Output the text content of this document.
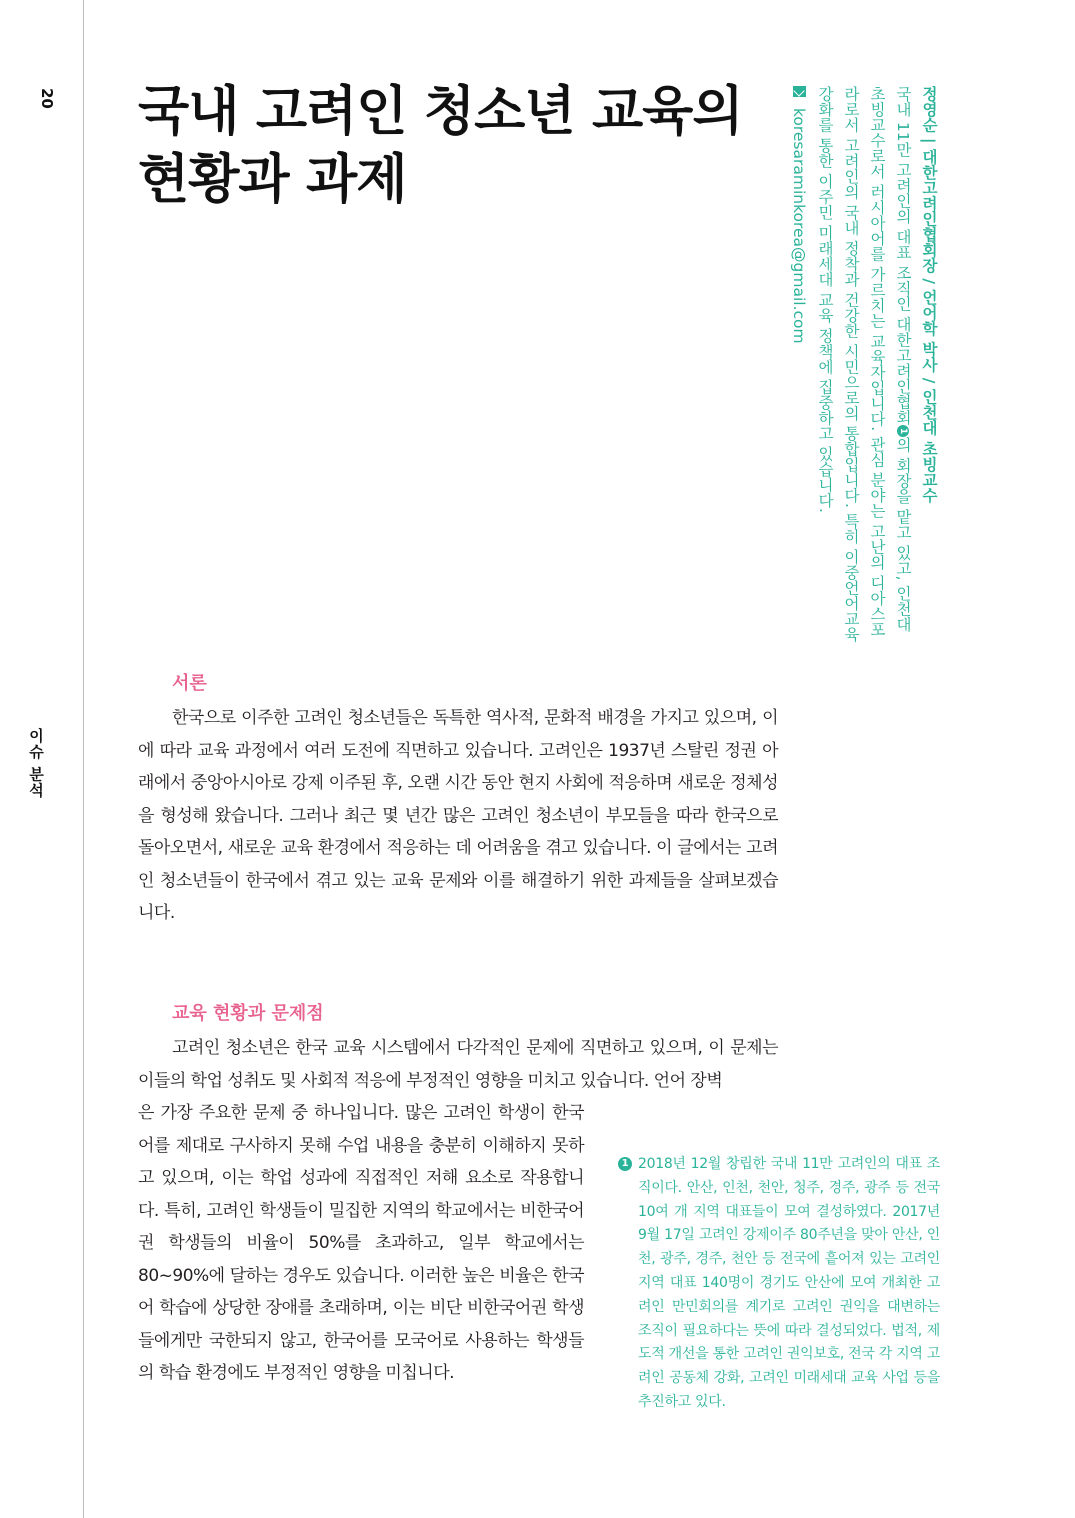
20
이슈 분석
국내 고려인 청소년 교육의
현황과 과제	정영순 | 대한고려인협회장 / 언어학 박사 / 인천대 초빙교수
국내 11만 고려인의 대표 조직인 대한고려인협회1의 회장을 맡고 있고, 인천대 초빙교수로서 러시아어를 가르치는 교육자입니다. 관심 분야는 고난의 디아스포라로서 고려인의 국내 정착과 건강한 시민으로의 통합입니다. 특히 이중언어교육 강화를 통한 이주민 미래세대 교육 정책에 집중하고 있습니다.

koresaraminkorea@gmail.com
서론

한국으로 이주한 고려인 청소년들은 독특한 역사적, 문화적 배경을 가지고 있으며, 이에 따라 교육 과정에서 여러 도전에 직면하고 있습니다. 고려인은 1937년 스탈린 정권 아래에서 중앙아시아로 강제 이주된 후, 오랜 시간 동안 현지 사회에 적응하며 새로운 정체성을 형성해 왔습니다. 그러나 최근 몇 년간 많은 고려인 청소년이 부모들을 따라 한국으로 돌아오면서, 새로운 교육 환경에서 적응하는 데 어려움을 겪고 있습니다. 이 글에서는 고려인 청소년들이 한국에서 겪고 있는 교육 문제와 이를 해결하기 위한 과제들을 살펴보겠습니다.

교육 현황과 문제점

고려인 청소년은 한국 교육 시스템에서 다각적인 문제에 직면하고 있으며, 이 문제는 이들의 학업 성취도 및 사회적 적응에 부정적인 영향을 미치고 있습니다. 언어 장벽

은 가장 주요한 문제 중 하나입니다. 많은 고려인 학생이 한국어를 제대로 구사하지 못해 수업 내용을 충분히 이해하지 못하고 있으며, 이는 학업 성과에 직접적인 저해 요소로 작용합니다. 특히, 고려인 학생들이 밀집한 지역의 학교에서는 비한국어권 학생들의 비율이 50%를 초과하고, 일부 학교에서는 80~90%에 달하는 경우도 있습니다. 이러한 높은 비율은 한국어 학습에 상당한 장애를 초래하며, 이는 비단 비한국어권 학생들에게만 국한되지 않고, 한국어를 모국어로 사용하는 학생들의 학습 환경에도 부정적인 영향을 미칩니다.

1 2018년 12월 창립한 국내 11만 고려인의 대표 조직이다. 안산, 인천, 천안, 청주, 경주, 광주 등 전국 10여 개 지역 대표들이 모여 결성하였다. 2017년 9월 17일 고려인 강제이주 80주년을 맞아 안산, 인천, 광주, 경주, 천안 등 전국에 흩어져 있는 고려인 지역 대표 140명이 경기도 안산에 모여 개최한 고려인 만민회의를 계기로 고려인 권익을 대변하는 조직이 필요하다는 뜻에 따라 결성되었다. 법적, 제도적 개선을 통한 고려인 권익보호, 전국 각 지역 고려인 공동체 강화, 고려인 미래세대 교육 사업 등을 추진하고 있다.
